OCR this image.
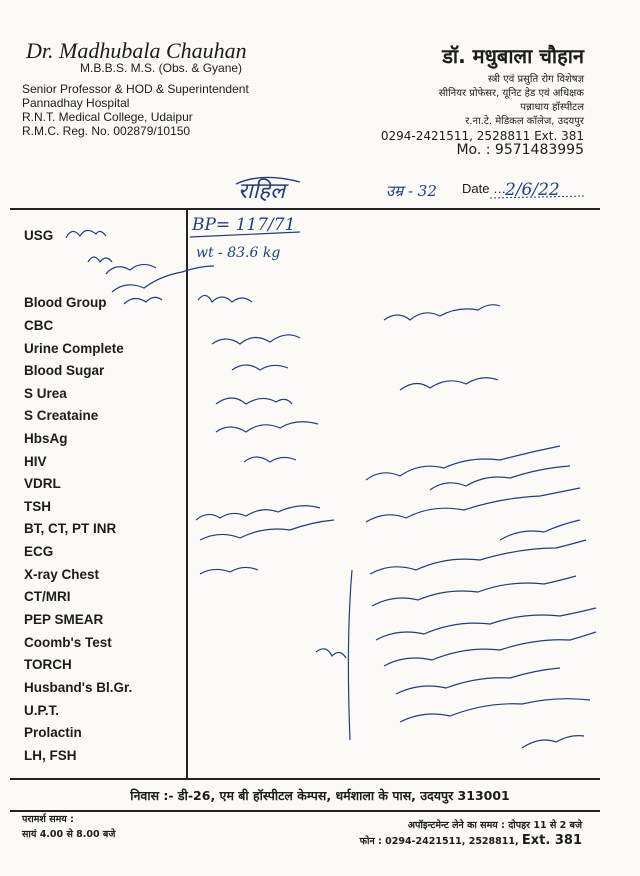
Dr. Madhubala Chauhan
M.B.B.S. M.S. (Obs. & Gyane)
Senior Professor & HOD & Superintendent
Pannadhay Hospital
R.N.T. Medical College, Udaipur
R.M.C. Reg. No. 002879/10150
डॉ. मधुबाला चौहान
स्त्री एवं प्रसुति रोग विशेषज्ञ
सीनियर प्रोफेसर, यूनिट हेड एवं अधिक्षक
पन्नाधाय हॉस्पीटल
र.ना.टे. मेडिकल कॉलेज, उदयपुर
0294-2421511, 2528811 Ext. 381
Mo. : 9571483995
Date …
USG
Blood Group
CBC
Urine Complete
Blood Sugar
S Urea
S Creataine
HbsAg
HIV
VDRL
TSH
BT, CT, PT INR
ECG
X-ray Chest
CT/MRI
PEP SMEAR
Coomb's Test
TORCH
Husband's Bl.Gr.
U.P.T.
Prolactin
LH, FSH
राहिल	उम्र - 32	2/6/22
BP= 117/71
wt - 83.6 kg
निवास :- डी-26, एम बी हॉस्पीटल केम्पस, धर्मशाला के पास, उदयपुर 313001
परामर्श समय :
सायं 4.00 से 8.00 बजे
अपॉइन्टमेन्ट लेने का समय : दोपहर 11 से 2 बजे
फोन : 0294-2421511, 2528811, Ext. 381
